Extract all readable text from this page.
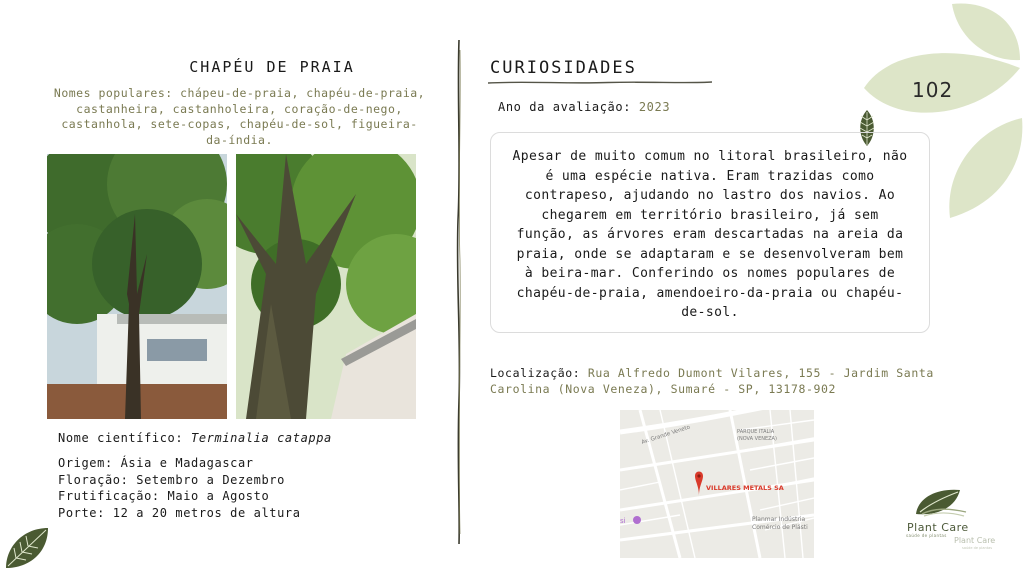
102
CHAPÉU DE PRAIA
Nomes populares: chápeu-de-praia, chapéu-de-praia, castanheira, castanholeira, coração-de-nego, castanhola, sete-copas, chapéu-de-sol, figueira-da-índia.
Nome científico: Terminalia catappa
Origem: Ásia e Madagascar
Floração: Setembro a Dezembro
Frutificação: Maio a Agosto
Porte: 12 a 20 metros de altura
CURIOSIDADES
Ano da avaliação: 2023
Apesar de muito comum no litoral brasileiro, não é uma espécie nativa. Eram trazidas como contrapeso, ajudando no lastro dos navios. Ao chegarem em território brasileiro, já sem função, as árvores eram descartadas na areia da praia, onde se adaptaram e se desenvolveram bem à beira-mar. Conferindo os nomes populares de chapéu-de-praia, amendoeiro-da-praia ou chapéu-de-sol.
Localização: Rua Alfredo Dumont Vilares, 155 - Jardim Santa Carolina (Nova Veneza), Sumaré - SP, 13178-902
Av. Grande Veneto	PARQUE ITALIA
(NOVA VENEZA)
Planmar Indústria
Comércio de Plásti
si
VILLARES METALS SA
Plant Care
saúde de plantas
Plant Care
saúde de plantas
